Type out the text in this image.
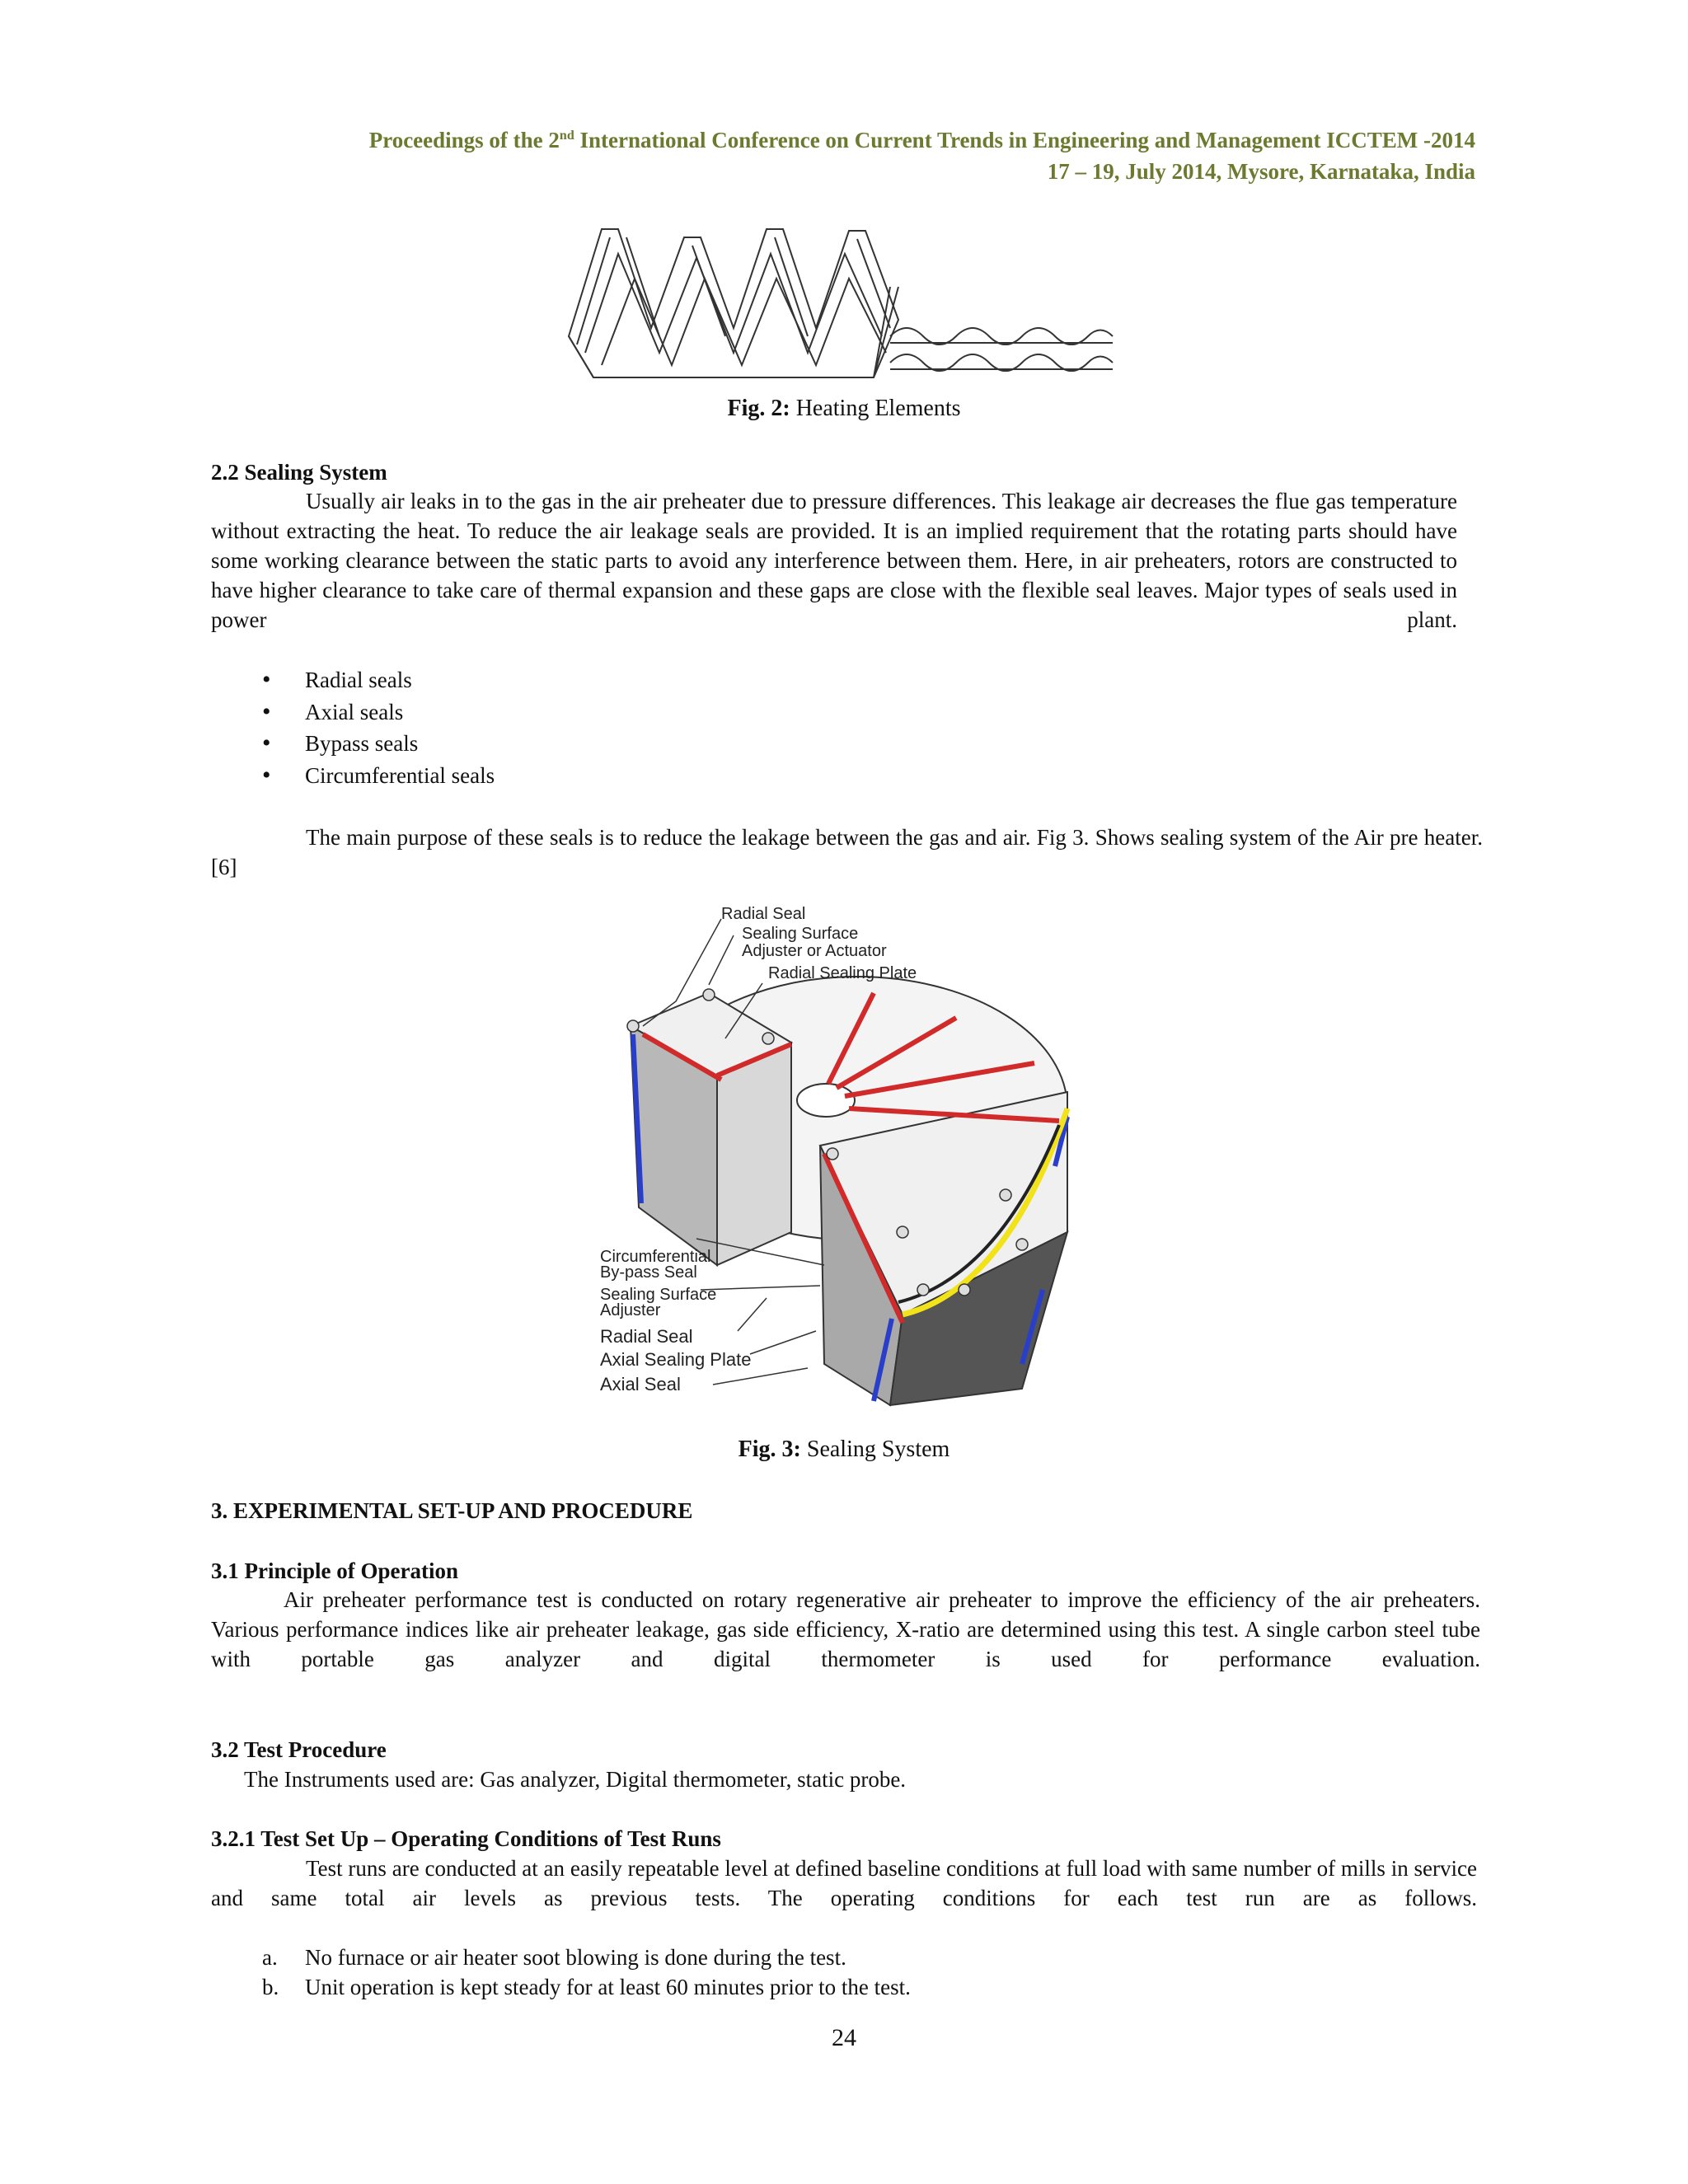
Proceedings of the 2nd International Conference on Current Trends in Engineering and Management ICCTEM -2014
17 – 19, July 2014, Mysore, Karnataka, India
Fig. 2: Heating Elements
2.2 Sealing System
Usually air leaks in to the gas in the air preheater due to pressure differences. This leakage air decreases the flue gas temperature without extracting the heat. To reduce the air leakage seals are provided. It is an implied requirement that the rotating parts should have some working clearance between the static parts to avoid any interference between them. Here, in air preheaters, rotors are constructed to have higher clearance to take care of thermal expansion and these gaps are close with the flexible seal leaves. Major types of seals used in power plant.
• Radial seals
• Axial seals
• Bypass seals
• Circumferential seals
The main purpose of these seals is to reduce the leakage between the gas and air. Fig 3. Shows sealing system of the Air pre heater.[6]
Radial Seal
Sealing Surface
Adjuster or Actuator
Radial Sealing Plate
Circumferential
By-pass Seal
Sealing Surface
Adjuster
Radial Seal
Axial Sealing Plate
Axial Seal
Fig. 3: Sealing System
3. EXPERIMENTAL SET-UP AND PROCEDURE
3.1 Principle of Operation
Air preheater performance test is conducted on rotary regenerative air preheater to improve the efficiency of the air preheaters. Various performance indices like air preheater leakage, gas side efficiency, X-ratio are determined using this test. A single carbon steel tube with portable gas analyzer and digital thermometer is used for performance evaluation.
3.2 Test Procedure
The Instruments used are: Gas analyzer, Digital thermometer, static probe.
3.2.1 Test Set Up – Operating Conditions of Test Runs
Test runs are conducted at an easily repeatable level at defined baseline conditions at full load with same number of mills in service and same total air levels as previous tests. The operating conditions for each test run are as follows.
a. No furnace or air heater soot blowing is done during the test.
b. Unit operation is kept steady for at least 60 minutes prior to the test.
24
